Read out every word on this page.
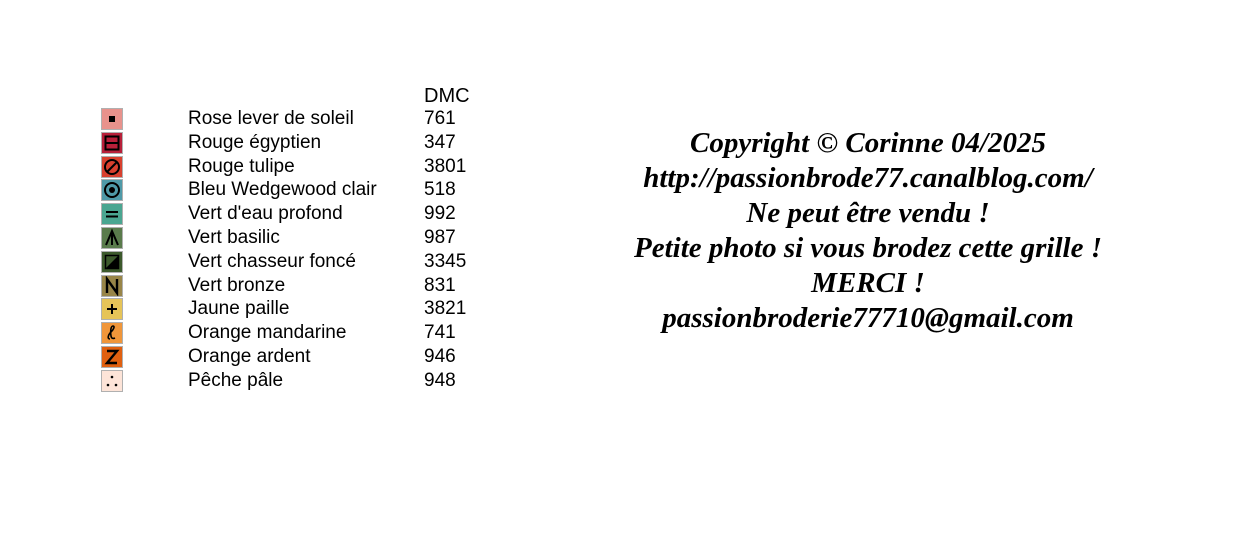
DMC
Rose lever de soleil	761
Rouge égyptien	347
Rouge tulipe	3801
Bleu Wedgewood clair 518
Vert d'eau profond	992
Vert basilic	987
Vert chasseur foncé	3345
Vert bronze	831
Jaune paille	3821
Orange mandarine	741
Orange ardent	946
Pêche pâle	948
Copyright © Corinne 04/2025
http://passionbrode77.canalblog.com/
Ne peut être vendu !
Petite photo si vous brodez cette grille !
MERCI !
passionbroderie77710@gmail.com
